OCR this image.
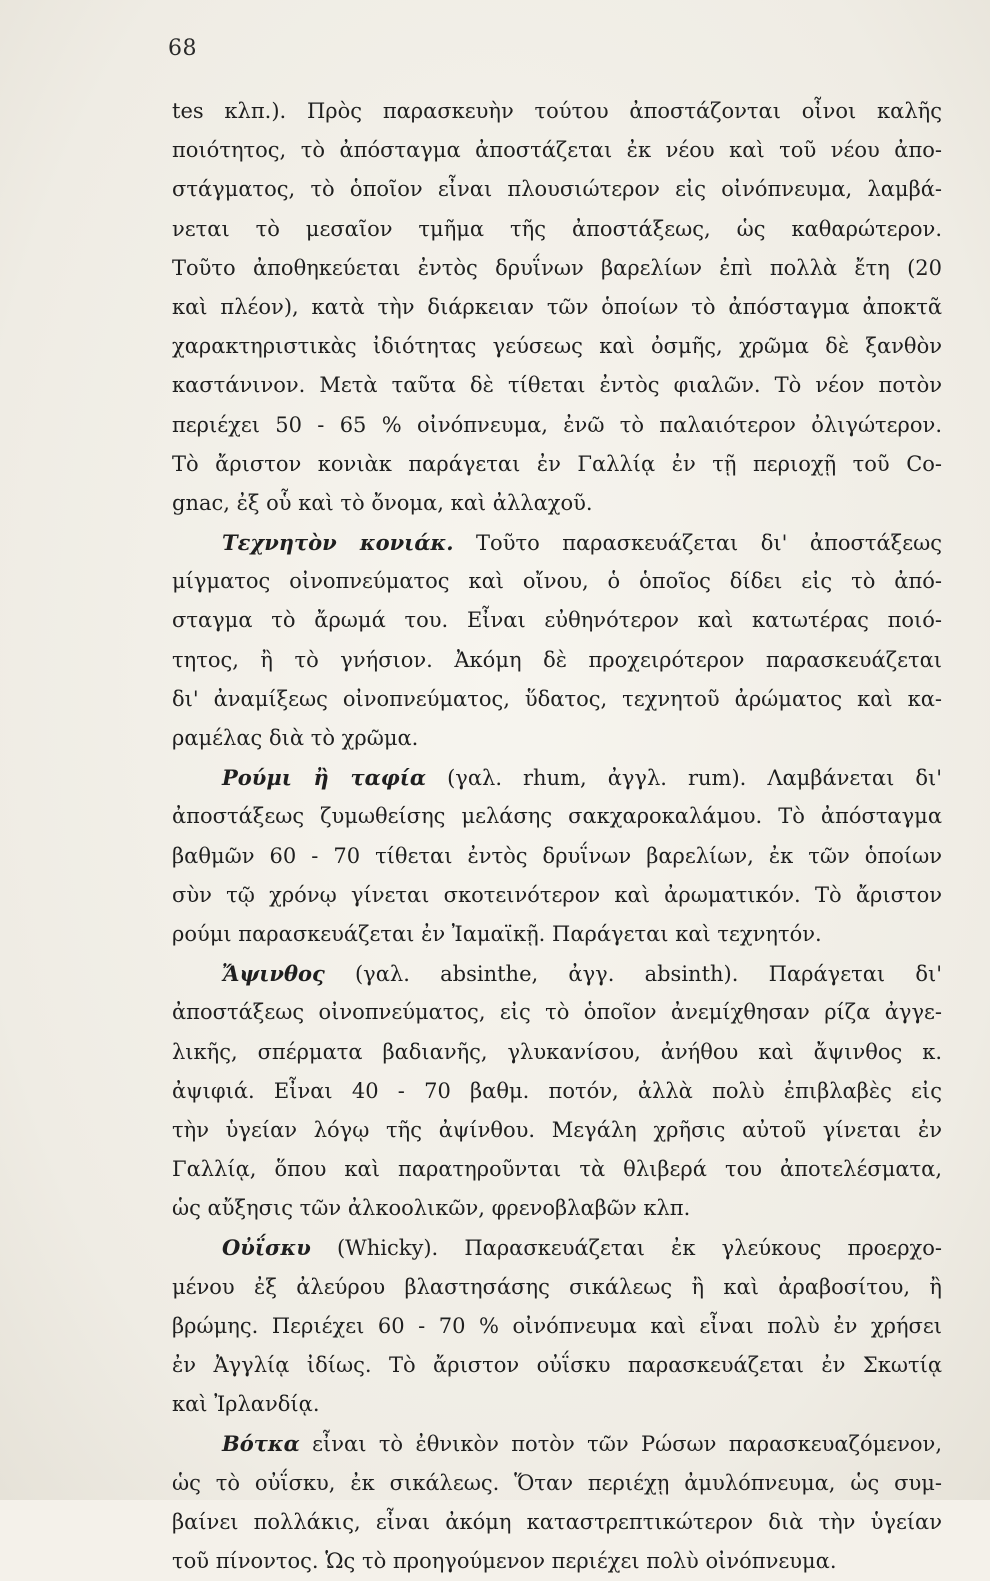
68
tes κλπ.). Πρὸς παρασκευὴν τούτου ἀποστάζονται οἶνοι καλῆς
ποιότητος, τὸ ἀπόσταγμα ἀποστάζεται ἐκ νέου καὶ τοῦ νέου ἀπο-
στάγματος, τὸ ὁποῖον εἶναι πλουσιώτερον εἰς οἰνόπνευμα, λαμβά-
νεται τὸ μεσαῖον τμῆμα τῆς ἀποστάξεως, ὡς καθαρώτερον.
Τοῦτο ἀποθηκεύεται ἐντὸς δρυΐνων βαρελίων ἐπὶ πολλὰ ἔτη (20
καὶ πλέον), κατὰ τὴν διάρκειαν τῶν ὁποίων τὸ ἀπόσταγμα ἀποκτᾶ
χαρακτηριστικὰς ἰδιότητας γεύσεως καὶ ὀσμῆς, χρῶμα δὲ ξανθὸν
καστάνινον. Μετὰ ταῦτα δὲ τίθεται ἐντὸς φιαλῶν. Τὸ νέον ποτὸν
περιέχει 50 - 65 % οἰνόπνευμα, ἐνῶ τὸ παλαιότερον ὀλιγώτερον.
Τὸ ἄριστον κονιὰκ παράγεται ἐν Γαλλίᾳ ἐν τῇ περιοχῇ τοῦ Co-
gnac, ἐξ οὗ καὶ τὸ ὄνομα, καὶ ἀλλαχοῦ.
Τεχνητὸν κονιάκ. Τοῦτο παρασκευάζεται δι' ἀποστάξεως
μίγματος οἰνοπνεύματος καὶ οἴνου, ὁ ὁποῖος δίδει εἰς τὸ ἀπό-
σταγμα τὸ ἄρωμά του. Εἶναι εὐθηνότερον καὶ κατωτέρας ποιό-
τητος, ἢ τὸ γνήσιον. Ἀκόμη δὲ προχειρότερον παρασκευάζεται
δι' ἀναμίξεως οἰνοπνεύματος, ὕδατος, τεχνητοῦ ἀρώματος καὶ κα-
ραμέλας διὰ τὸ χρῶμα.
Ρούμι ἢ ταφία (γαλ. rhum, ἀγγλ. rum). Λαμβάνεται δι'
ἀποστάξεως ζυμωθείσης μελάσης σακχαροκαλάμου. Τὸ ἀπόσταγμα
βαθμῶν 60 - 70 τίθεται ἐντὸς δρυΐνων βαρελίων, ἐκ τῶν ὁποίων
σὺν τῷ χρόνῳ γίνεται σκοτεινότερον καὶ ἀρωματικόν. Τὸ ἄριστον
ρούμι παρασκευάζεται ἐν Ἰαμαϊκῇ. Παράγεται καὶ τεχνητόν.
Ἄψινθος (γαλ. absinthe, ἀγγ. absinth). Παράγεται δι'
ἀποστάξεως οἰνοπνεύματος, εἰς τὸ ὁποῖον ἀνεμίχθησαν ρίζα ἀγγε-
λικῆς, σπέρματα βαδιανῆς, γλυκανίσου, ἀνήθου καὶ ἄψινθος κ.
ἀψιφιά. Εἶναι 40 - 70 βαθμ. ποτόν, ἀλλὰ πολὺ ἐπιβλαβὲς εἰς
τὴν ὑγείαν λόγῳ τῆς ἀψίνθου. Μεγάλη χρῆσις αὐτοῦ γίνεται ἐν
Γαλλίᾳ, ὅπου καὶ παρατηροῦνται τὰ θλιβερά του ἀποτελέσματα,
ὡς αὔξησις τῶν ἀλκοολικῶν, φρενοβλαβῶν κλπ.
Οὐΐσκυ (Whicky). Παρασκευάζεται ἐκ γλεύκους προερχο-
μένου ἐξ ἀλεύρου βλαστησάσης σικάλεως ἢ καὶ ἀραβοσίτου, ἢ
βρώμης. Περιέχει 60 - 70 % οἰνόπνευμα καὶ εἶναι πολὺ ἐν χρήσει
ἐν Ἀγγλίᾳ ἰδίως. Τὸ ἄριστον οὐΐσκυ παρασκευάζεται ἐν Σκωτίᾳ
καὶ Ἰρλανδίᾳ.
Βότκα εἶναι τὸ ἐθνικὸν ποτὸν τῶν Ρώσων παρασκευαζόμενον,
ὡς τὸ οὐΐσκυ, ἐκ σικάλεως. Ὅταν περιέχῃ ἀμυλόπνευμα, ὡς συμ-
βαίνει πολλάκις, εἶναι ἀκόμη καταστρεπτικώτερον διὰ τὴν ὑγείαν
τοῦ πίνοντος. Ὡς τὸ προηγούμενον περιέχει πολὺ οἰνόπνευμα.
